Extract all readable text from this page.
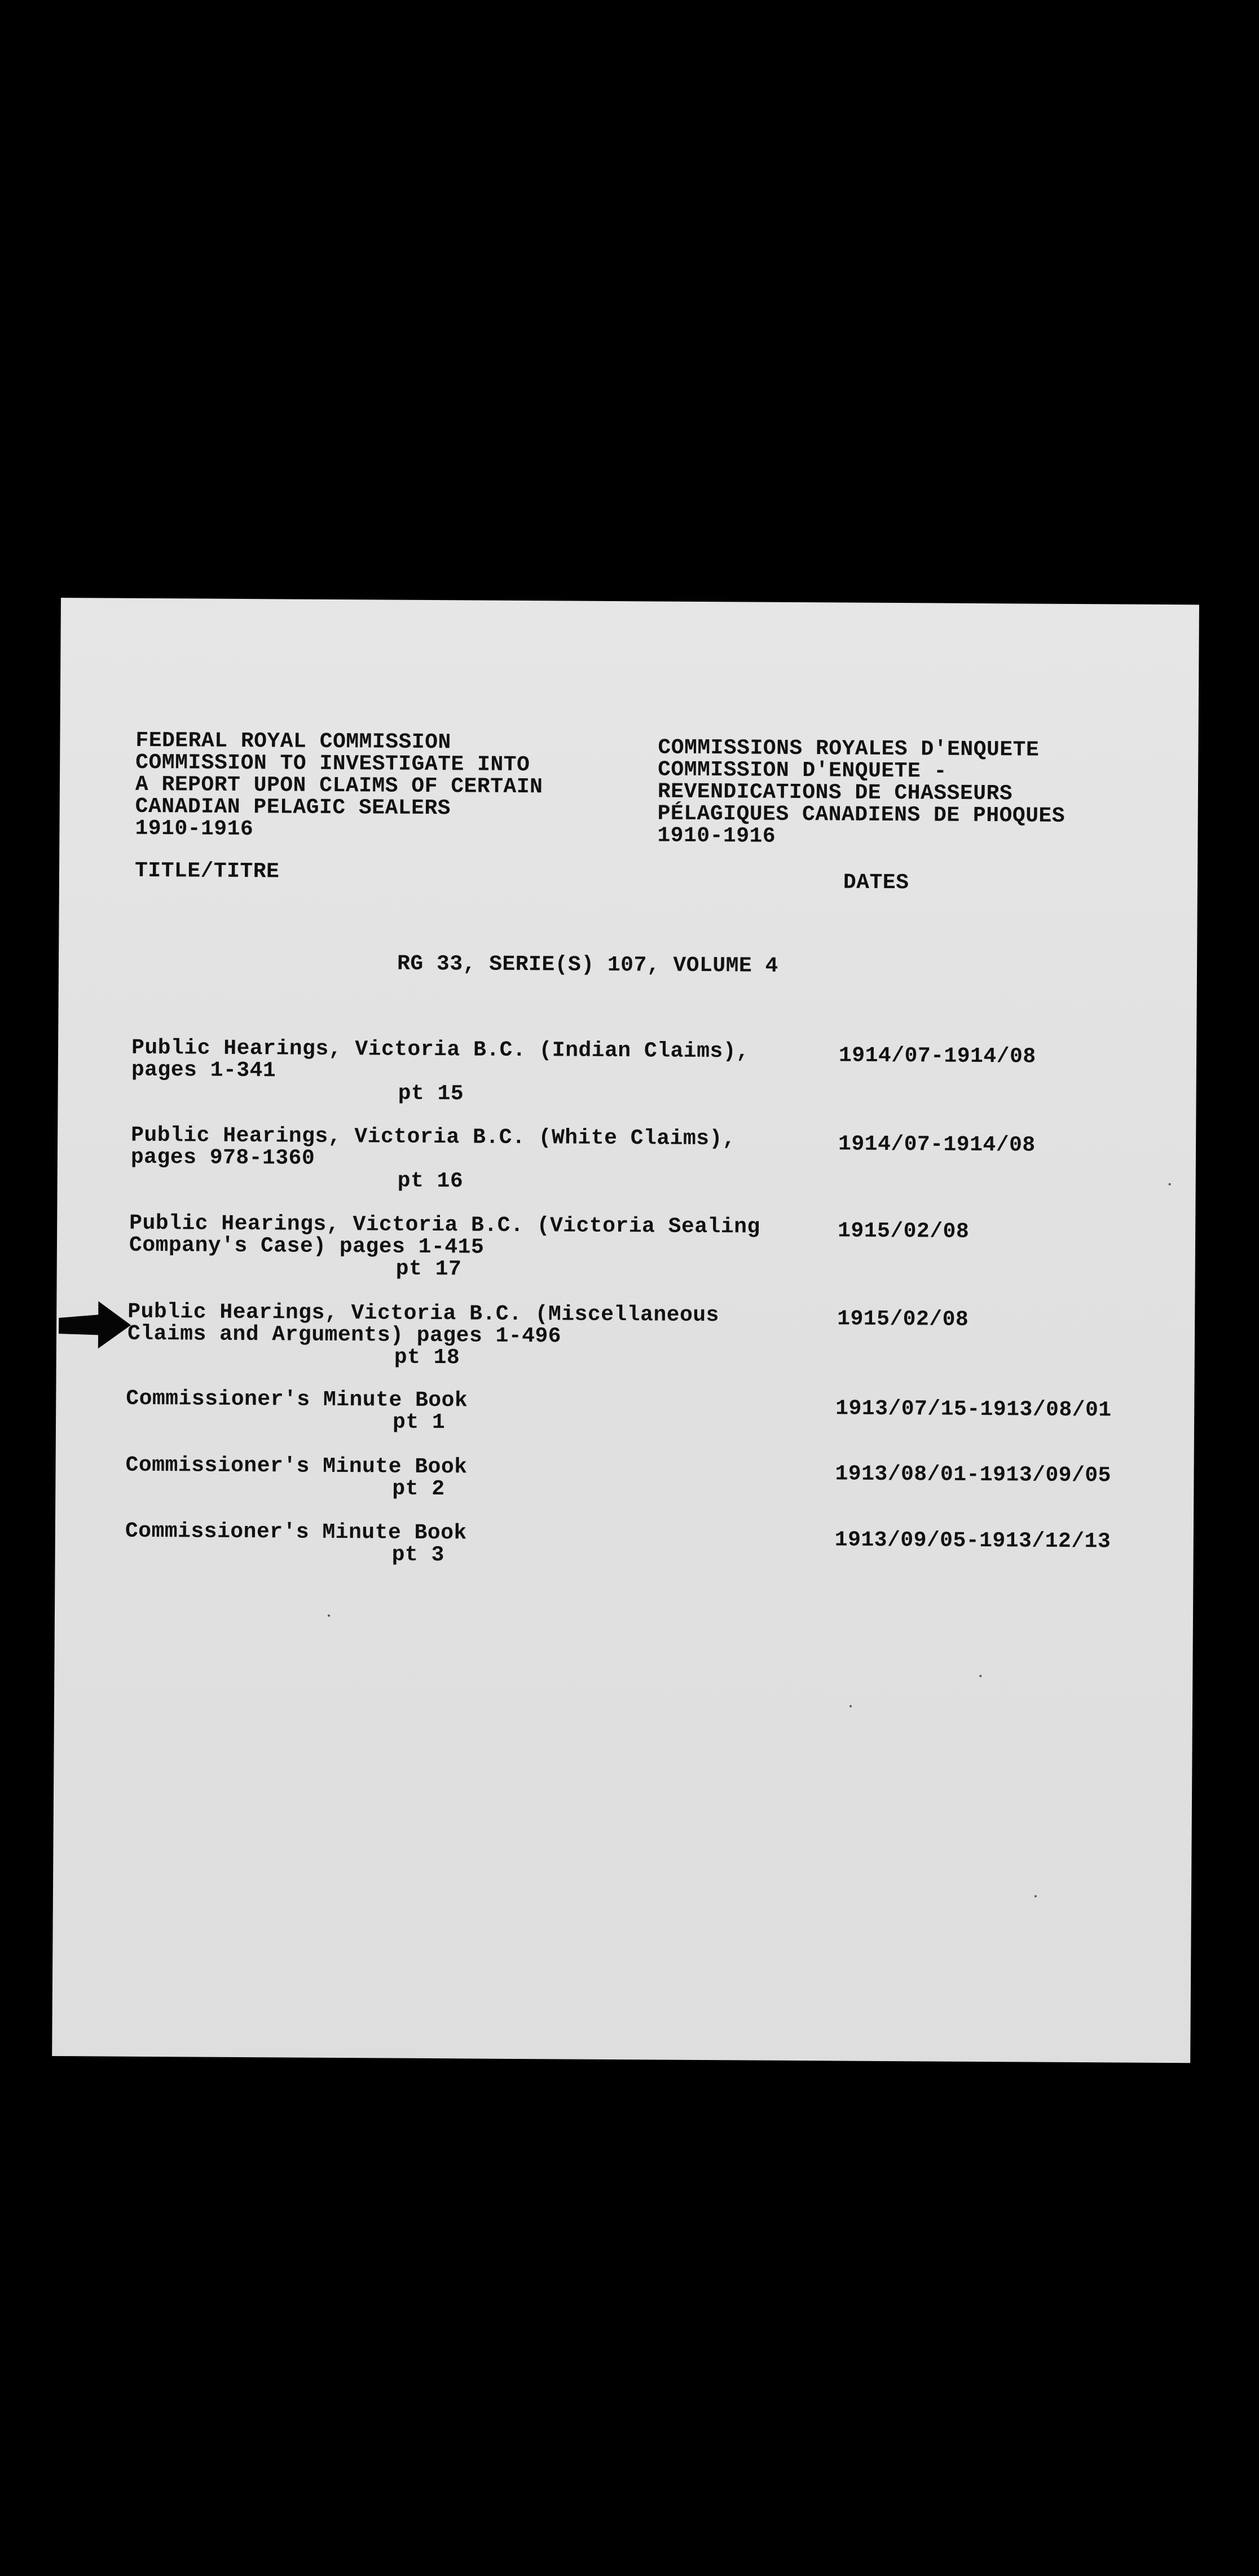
FEDERAL ROYAL COMMISSION
COMMISSION TO INVESTIGATE INTO
A REPORT UPON CLAIMS OF CERTAIN
CANADIAN PELAGIC SEALERS
1910-1916
COMMISSIONS ROYALES D'ENQUETE
COMMISSION D'ENQUETE -
REVENDICATIONS DE CHASSEURS
PÉLAGIQUES CANADIENS DE PHOQUES
1910-1916
TITLE/TITRE	DATES
RG 33, SERIE(S) 107, VOLUME 4
Public Hearings, Victoria B.C. (Indian Claims),
pages 1-341
pt 15
1914/07-1914/08
Public Hearings, Victoria B.C. (White Claims),
pages 978-1360
pt 16
1914/07-1914/08
Public Hearings, Victoria B.C. (Victoria Sealing
Company's Case) pages 1-415
pt 17
1915/02/08
Public Hearings, Victoria B.C. (Miscellaneous
Claims and Arguments) pages 1-496
pt 18
1915/02/08
Commissioner's Minute Book
pt 1	1913/07/15-1913/08/01
Commissioner's Minute Book
pt 2
1913/08/01-1913/09/05
Commissioner's Minute Book
pt 3
1913/09/05-1913/12/13
